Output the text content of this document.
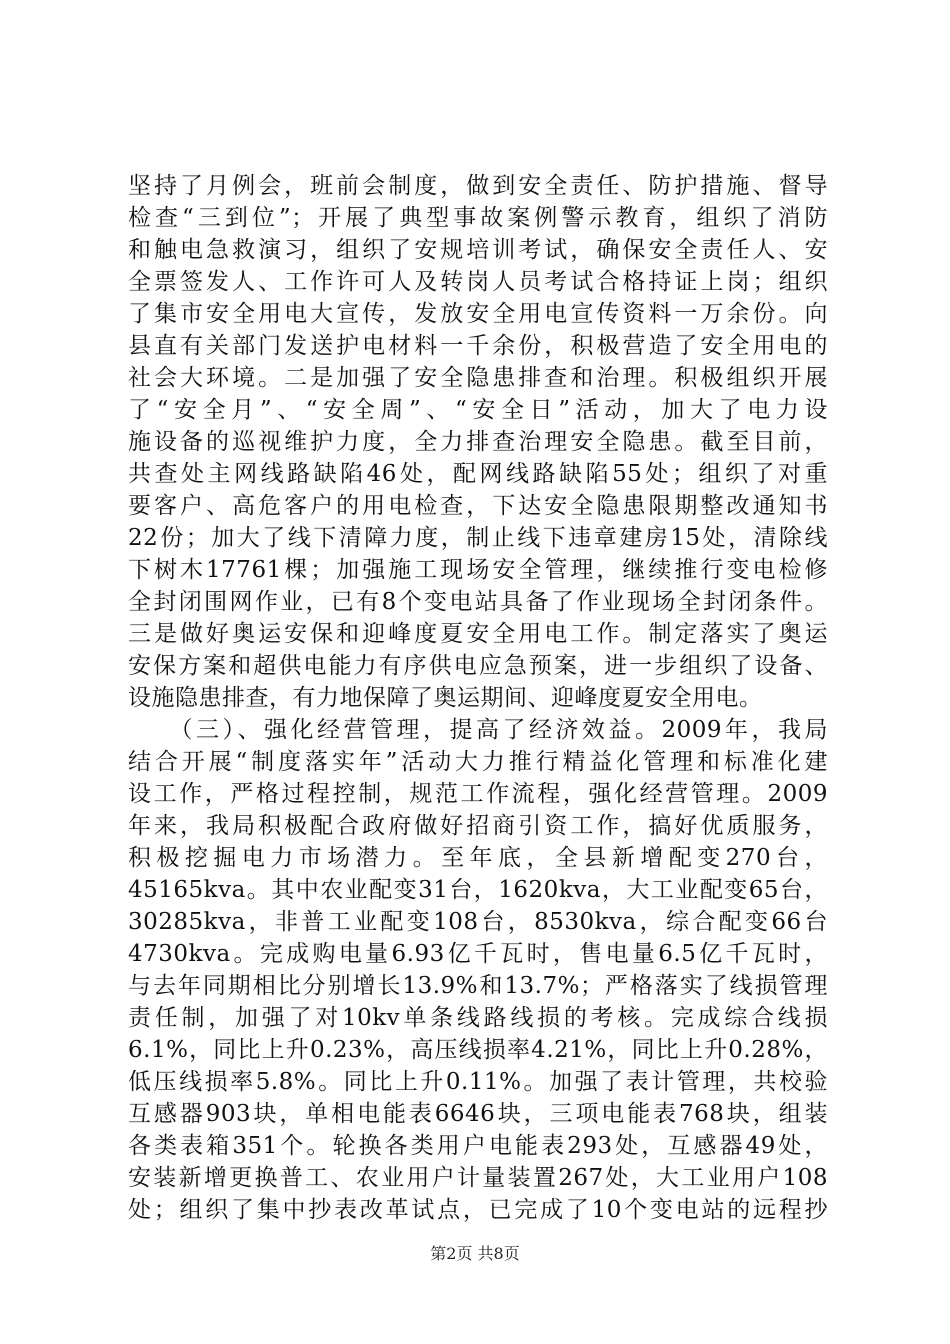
坚持了月例会，班前会制度，做到安全责任、防护措施、督导
检查“三到位”；开展了典型事故案例警示教育，组织了消防
和触电急救演习，组织了安规培训考试，确保安全责任人、安
全票签发人、工作许可人及转岗人员考试合格持证上岗；组织
了集市安全用电大宣传，发放安全用电宣传资料一万余份。向
县直有关部门发送护电材料一千余份，积极营造了安全用电的
社会大环境。二是加强了安全隐患排查和治理。积极组织开展
了“安全月”、“安全周”、“安全日”活动，加大了电力设
施设备的巡视维护力度，全力排查治理安全隐患。截至目前，
共查处主网线路缺陷46处，配网线路缺陷55处；组织了对重
要客户、高危客户的用电检查，下达安全隐患限期整改通知书
22份；加大了线下清障力度，制止线下违章建房15处，清除线
下树木17761棵；加强施工现场安全管理，继续推行变电检修
全封闭围网作业，已有8个变电站具备了作业现场全封闭条件。
三是做好奥运安保和迎峰度夏安全用电工作。制定落实了奥运
安保方案和超供电能力有序供电应急预案，进一步组织了设备、
设施隐患排查，有力地保障了奥运期间、迎峰度夏安全用电。
　　（三）、强化经营管理，提高了经济效益。2009年，我局
结合开展“制度落实年”活动大力推行精益化管理和标准化建
设工作，严格过程控制，规范工作流程，强化经营管理。2009
年来，我局积极配合政府做好招商引资工作，搞好优质服务，
积极挖掘电力市场潜力。至年底，全县新增配变270台，
45165kva。其中农业配变31台，1620kva，大工业配变65台，
30285kva，非普工业配变108台，8530kva，综合配变66台
4730kva。完成购电量6.93亿千瓦时，售电量6.5亿千瓦时，
与去年同期相比分别增长13.9%和13.7%；严格落实了线损管理
责任制，加强了对10kv单条线路线损的考核。完成综合线损
6.1%，同比上升0.23%，高压线损率4.21%，同比上升0.28%，
低压线损率5.8%。同比上升0.11%。加强了表计管理，共校验
互感器903块，单相电能表6646块，三项电能表768块，组装
各类表箱351个。轮换各类用户电能表293处，互感器49处，
安装新增更换普工、农业用户计量装置267处，大工业用户108
处；组织了集中抄表改革试点，已完成了10个变电站的远程抄
第2页 共8页
